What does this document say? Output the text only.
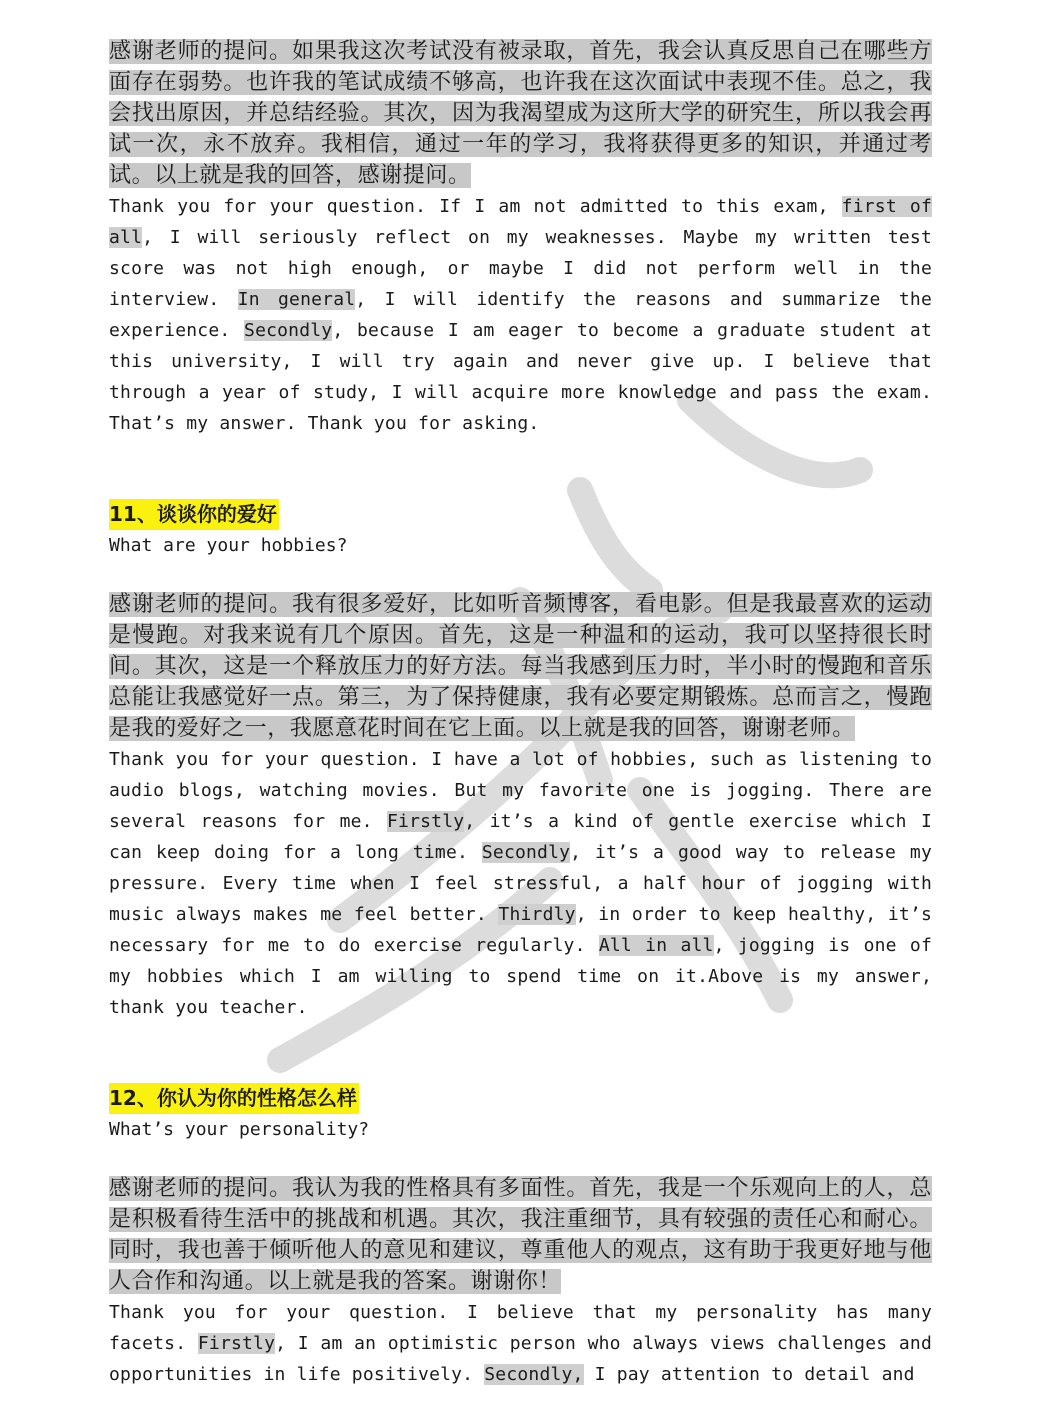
感谢老师的提问。如果我这次考试没有被录取，首先，我会认真反思自己在哪些方面存在弱势。也许我的笔试成绩不够高，也许我在这次面试中表现不佳。总之，我会找出原因，并总结经验。其次，因为我渴望成为这所大学的研究生，所以我会再试一次，永不放弃。我相信，通过一年的学习，我将获得更多的知识，并通过考试。以上就是我的回答，感谢提问。

Thank you for your question. If I am not admitted to this exam, first of all, I will seriously reflect on my weaknesses. Maybe my written test score was not high enough, or maybe I did not perform well in the interview. In general, I will identify the reasons and summarize the experience. Secondly, because I am eager to become a graduate student at this university, I will try again and never give up. I believe that through a year of study, I will acquire more knowledge and pass the exam. That’s my answer. Thank you for asking.

11、谈谈你的爱好

What are your hobbies?

感谢老师的提问。我有很多爱好，比如听音频博客，看电影。但是我最喜欢的运动是慢跑。对我来说有几个原因。首先，这是一种温和的运动，我可以坚持很长时间。其次，这是一个释放压力的好方法。每当我感到压力时，半小时的慢跑和音乐总能让我感觉好一点。第三，为了保持健康，我有必要定期锻炼。总而言之，慢跑是我的爱好之一，我愿意花时间在它上面。以上就是我的回答，谢谢老师。

Thank you for your question. I have a lot of hobbies, such as listening to audio blogs, watching movies. But my favorite one is jogging. There are several reasons for me. Firstly, it’s a kind of gentle exercise which I can keep doing for a long time. Secondly, it’s a good way to release my pressure. Every time when I feel stressful, a half hour of jogging with music always makes me feel better. Thirdly, in order to keep healthy, it’s necessary for me to do exercise regularly. All in all, jogging is one of my hobbies which I am willing to spend time on it.Above is my answer, thank you teacher.

12、你认为你的性格怎么样

What’s your personality?

感谢老师的提问。我认为我的性格具有多面性。首先，我是一个乐观向上的人，总是积极看待生活中的挑战和机遇。其次，我注重细节，具有较强的责任心和耐心。同时，我也善于倾听他人的意见和建议，尊重他人的观点，这有助于我更好地与他人合作和沟通。以上就是我的答案。谢谢你！

Thank you for your question. I believe that my personality has many facets. Firstly, I am an optimistic person who always views challenges and opportunities in life positively. Secondly, I pay attention to detail and
